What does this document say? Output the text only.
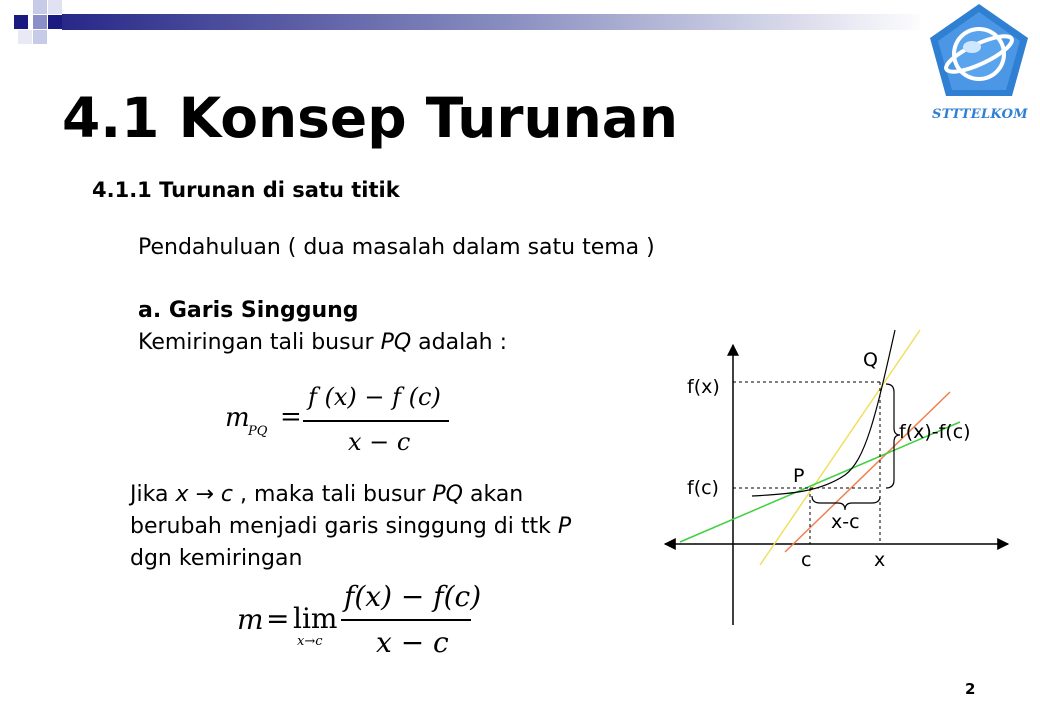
STTTELKOM
4.1 Konsep Turunan
4.1.1 Turunan di satu titik
Pendahuluan ( dua masalah dalam satu tema )
a. Garis Singgung
Kemiringan tali busur PQ adalah :
m
PQ =
f (x) − f (c)
x − c
Jika x → c , maka tali busur PQ akan
berubah menjadi garis singgung di ttk P
dgn kemiringan
m = lim
x→c
f(x) − f(c)
x − c
f(x)
f(c)
Q
P
f(x)-f(c)
x-c
c	x
2
